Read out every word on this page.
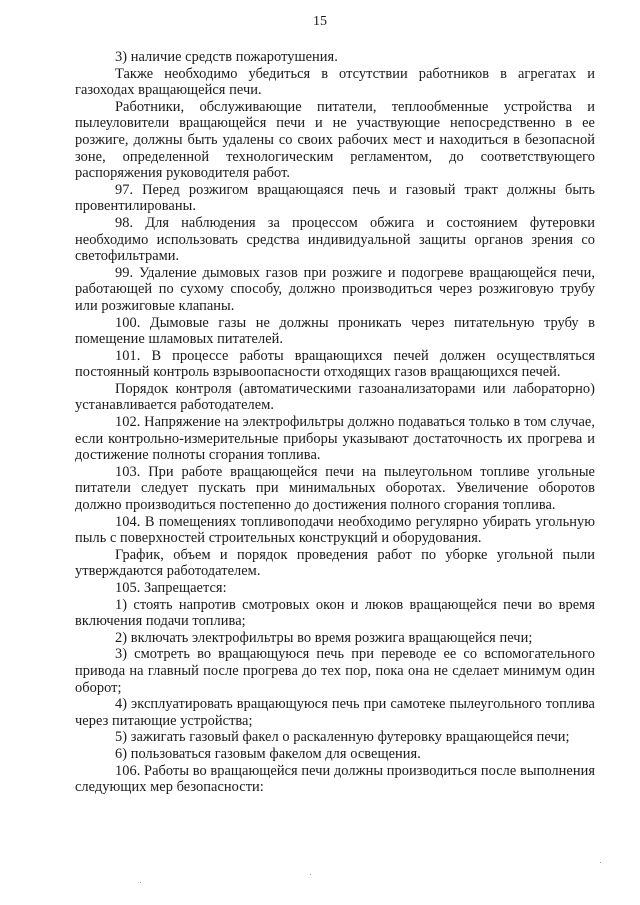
15

3) наличие средств пожаротушения.

Также необходимо убедиться в отсутствии работников в агрегатах и газоходах вращающейся печи.

Работники, обслуживающие питатели, теплообменные устройства и пылеуловители вращающейся печи и не участвующие непосредственно в ее розжиге, должны быть удалены со своих рабочих мест и находиться в безопасной зоне, определенной технологическим регламентом, до соответствующего распоряжения руководителя работ.

97. Перед розжигом вращающаяся печь и газовый тракт должны быть провентилированы.

98. Для наблюдения за процессом обжига и состоянием футеровки необходимо использовать средства индивидуальной защиты органов зрения со светофильтрами.

99. Удаление дымовых газов при розжиге и подогреве вращающейся печи, работающей по сухому способу, должно производиться через розжиговую трубу или розжиговые клапаны.

100. Дымовые газы не должны проникать через питательную трубу в помещение шламовых питателей.

101. В процессе работы вращающихся печей должен осуществляться постоянный контроль взрывоопасности отходящих газов вращающихся печей.

Порядок контроля (автоматическими газоанализаторами или лабораторно) устанавливается работодателем.

102. Напряжение на электрофильтры должно подаваться только в том случае, если контрольно-измерительные приборы указывают достаточность их прогрева и достижение полноты сгорания топлива.

103. При работе вращающейся печи на пылеугольном топливе угольные питатели следует пускать при минимальных оборотах. Увеличение оборотов должно производиться постепенно до достижения полного сгорания топлива.

104. В помещениях топливоподачи необходимо регулярно убирать угольную пыль с поверхностей строительных конструкций и оборудования.

График, объем и порядок проведения работ по уборке угольной пыли утверждаются работодателем.

105. Запрещается:

1) стоять напротив смотровых окон и люков вращающейся печи во время включения подачи топлива;

2) включать электрофильтры во время розжига вращающейся печи;

3) смотреть во вращающуюся печь при переводе ее со вспомогательного привода на главный после прогрева до тех пор, пока она не сделает минимум один оборот;

4) эксплуатировать вращающуюся печь при самотеке пылеугольного топлива через питающие устройства;

5) зажигать газовый факел о раскаленную футеровку вращающейся печи;

6) пользоваться газовым факелом для освещения.

106. Работы во вращающейся печи должны производиться после выполнения следующих мер безопасности:
